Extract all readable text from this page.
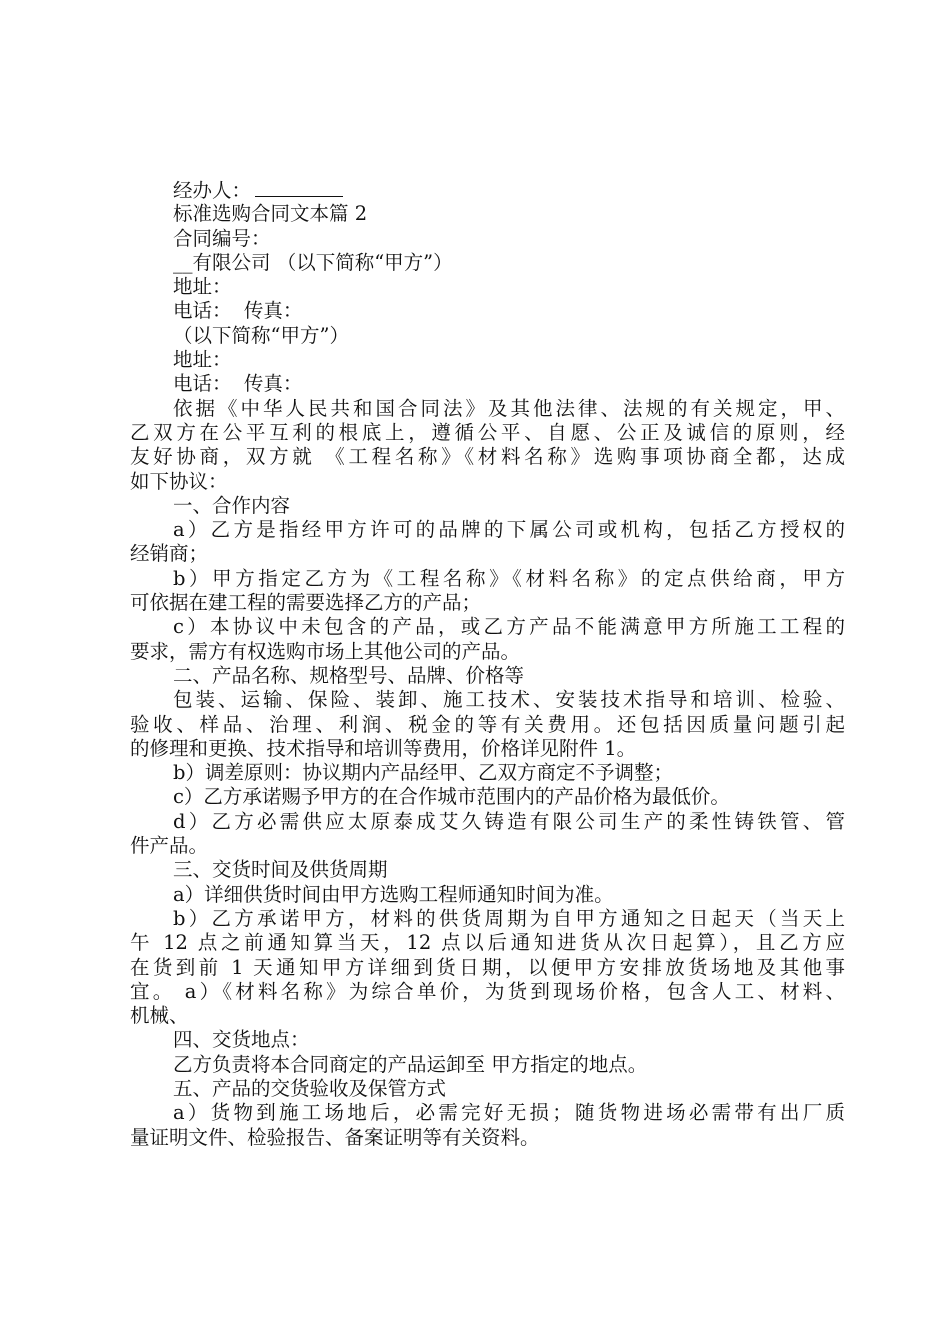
经办人：
标准选购合同文本篇 2
合同编号：
__有限公司 （以下简称“甲方”）
地址：
电话：  传真：
（以下简称“甲方”）
地址：
电话：  传真：
依据《中华人民共和国合同法》及其他法律、法规的有关规定，甲、
乙双方在公平互利的根底上，遵循公平、自愿、公正及诚信的原则，经
友好协商，双方就 《工程名称》《材料名称》选购事项协商全都，达成
如下协议：
一、合作内容
a）乙方是指经甲方许可的品牌的下属公司或机构，包括乙方授权的
经销商；
b）甲方指定乙方为《工程名称》《材料名称》的定点供给商，甲方
可依据在建工程的需要选择乙方的产品；
c）本协议中未包含的产品，或乙方产品不能满意甲方所施工工程的
要求，需方有权选购市场上其他公司的产品。
二、产品名称、规格型号、品牌、价格等
包装、运输、保险、装卸、施工技术、安装技术指导和培训、检验、
验收、样品、治理、利润、税金的等有关费用。还包括因质量问题引起
的修理和更换、技术指导和培训等费用，价格详见附件 1。
b）调差原则：协议期内产品经甲、乙双方商定不予调整；
c）乙方承诺赐予甲方的在合作城市范围内的产品价格为最低价。
d）乙方必需供应太原泰成艾久铸造有限公司生产的柔性铸铁管、管
件产品。
三、交货时间及供货周期
a）详细供货时间由甲方选购工程师通知时间为准。
b）乙方承诺甲方，材料的供货周期为自甲方通知之日起天（当天上
午 12 点之前通知算当天，12 点以后通知进货从次日起算），且乙方应
在货到前 1 天通知甲方详细到货日期，以便甲方安排放货场地及其他事
宜。 a）《材料名称》为综合单价，为货到现场价格，包含人工、材料、
机械、
四、交货地点：
乙方负责将本合同商定的产品运卸至 甲方指定的地点。
五、产品的交货验收及保管方式
a）货物到施工场地后，必需完好无损；随货物进场必需带有出厂质
量证明文件、检验报告、备案证明等有关资料。
